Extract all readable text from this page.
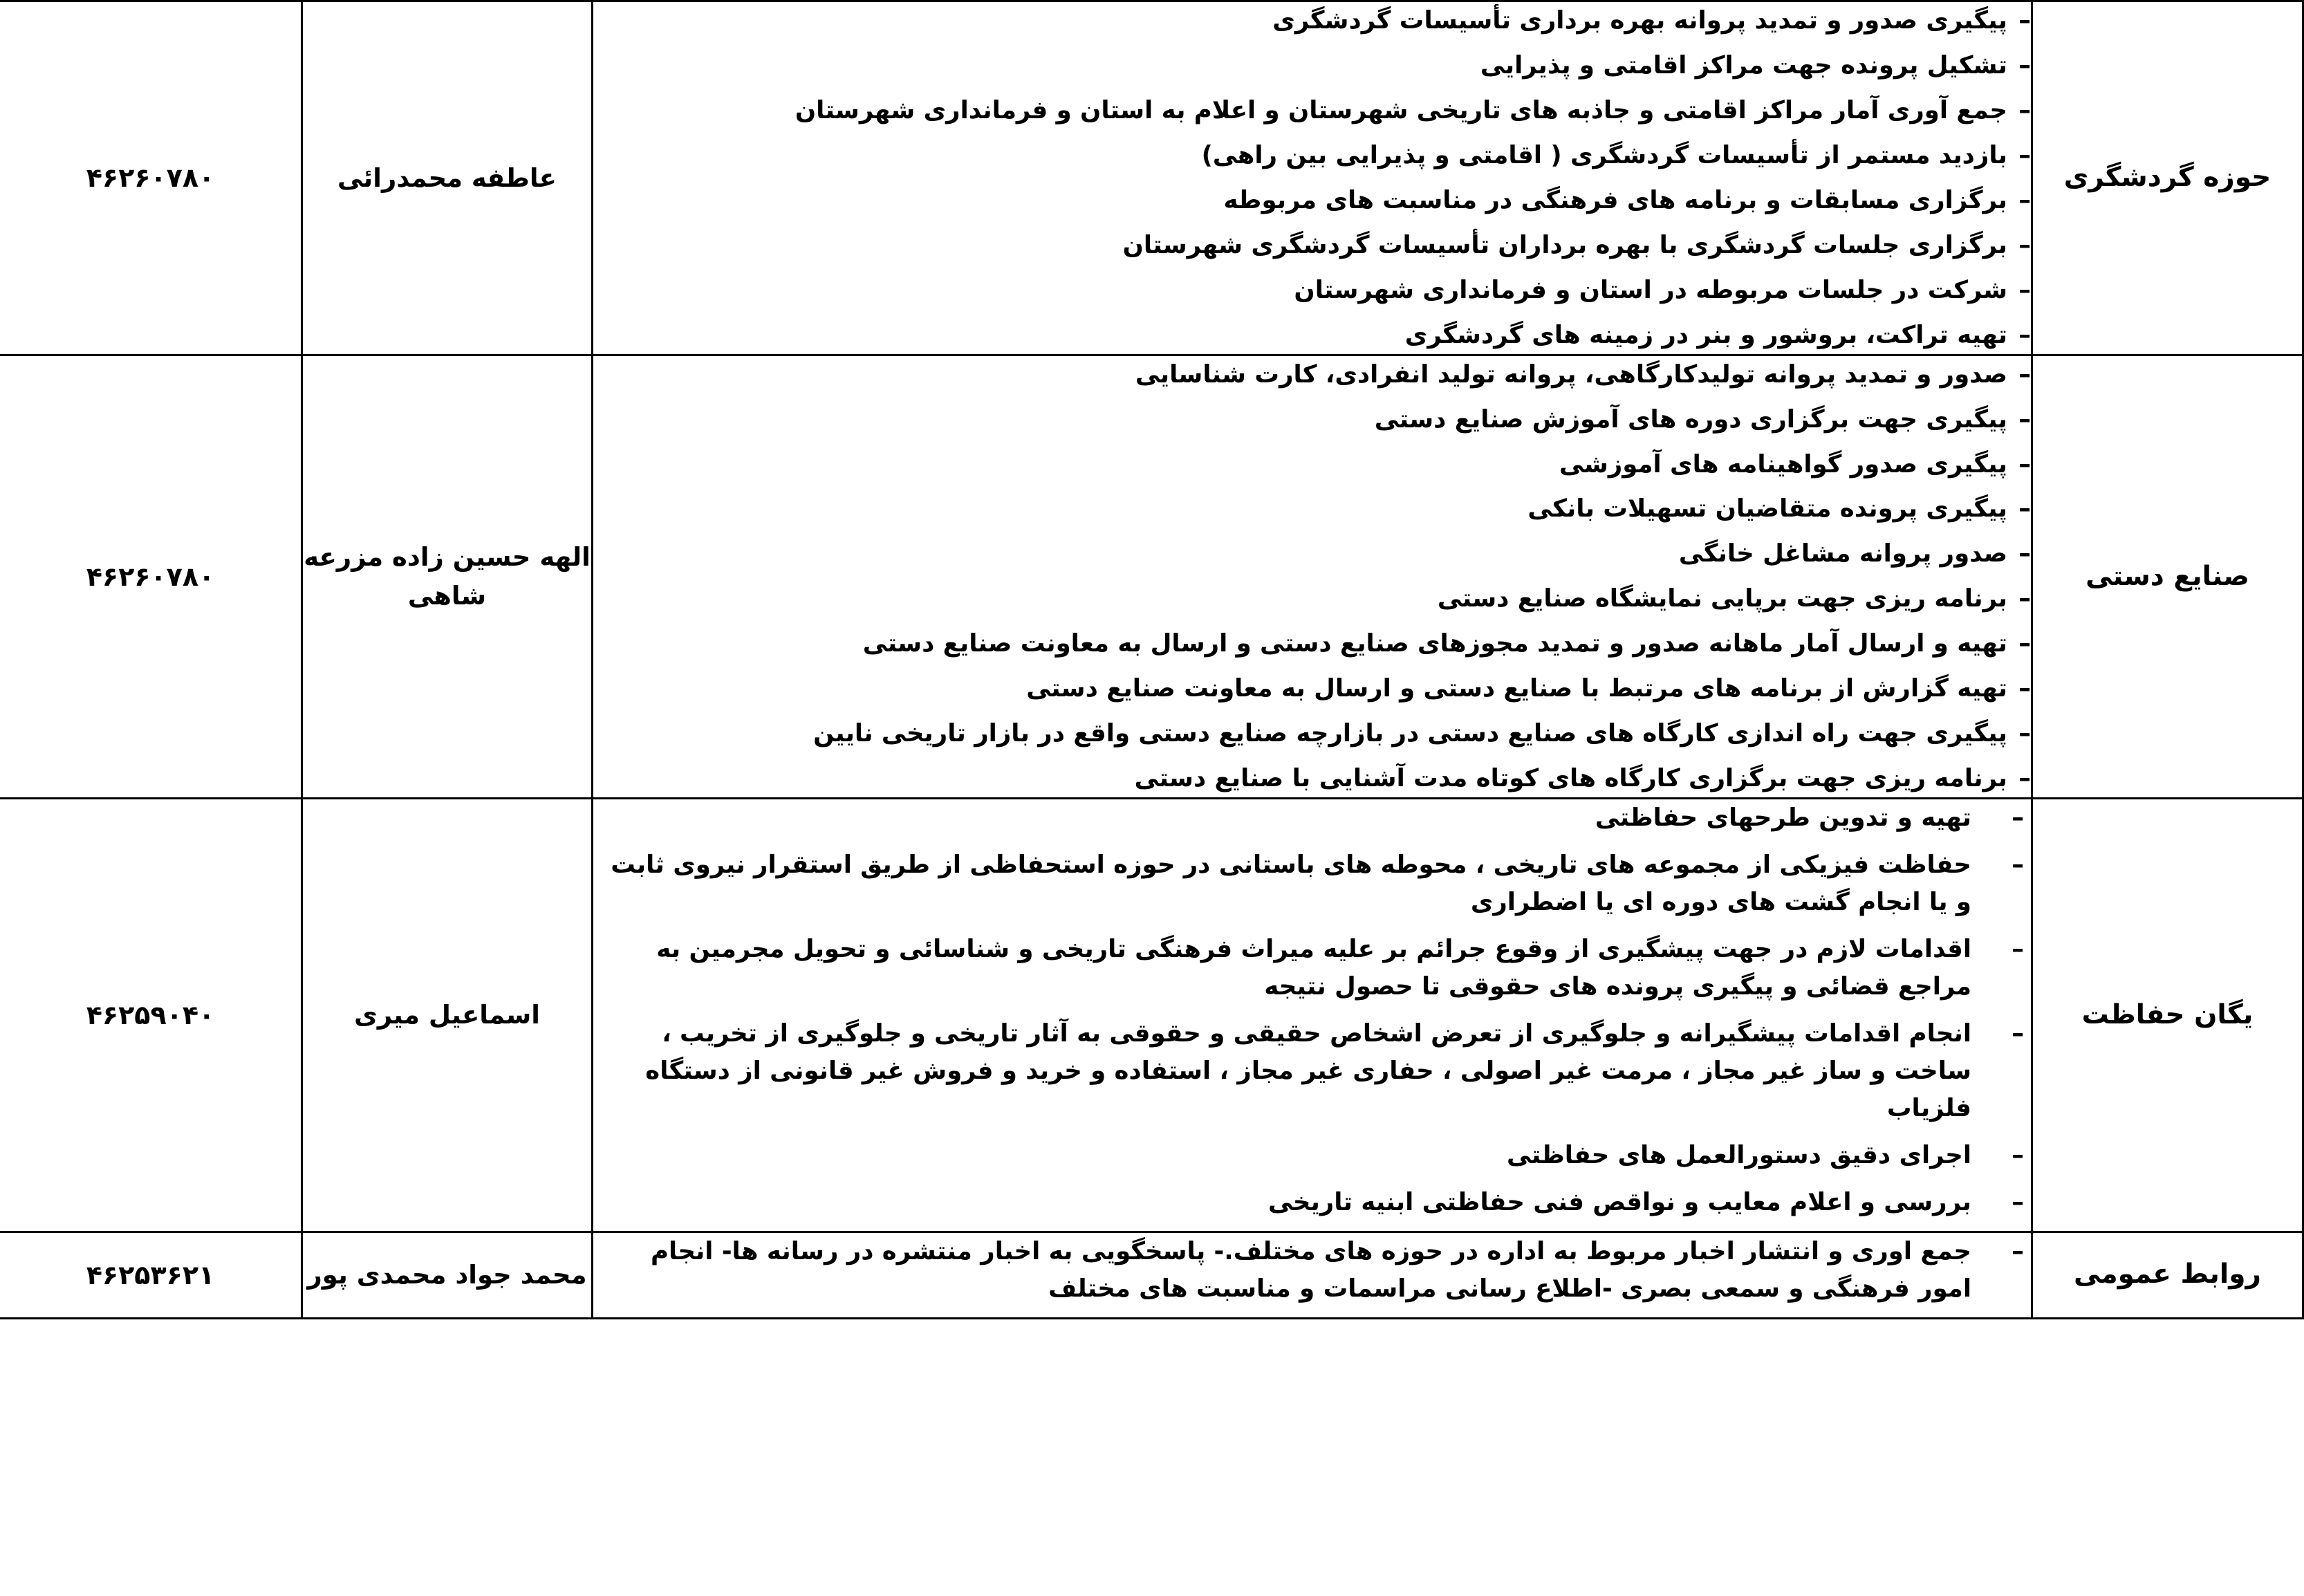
حوزه گردشگری	
– پیگیری صدور و تمدید پروانه بهره برداری تأسیسات گردشگری
– تشکیل پرونده جهت مراکز اقامتی و پذیرایی
– جمع آوری آمار مراکز اقامتی و جاذبه های تاریخی شهرستان و اعلام به استان و فرمانداری شهرستان
– بازدید مستمر از تأسیسات گردشگری ( اقامتی و پذیرایی بین راهی)
– برگزاری مسابقات و برنامه های فرهنگی در مناسبت های مربوطه
– برگزاری جلسات گردشگری با بهره برداران تأسیسات گردشگری شهرستان
– شرکت در جلسات مربوطه در استان و فرمانداری شهرستان
– تهیه تراکت، بروشور و بنر در زمینه های گردشگری
	عاطفه محمدرائی	۴۶۲۶۰۷۸۰
صنایع دستی	
– صدور و تمدید پروانه تولیدکارگاهی، پروانه تولید انفرادی، کارت شناسایی
– پیگیری جهت برگزاری دوره های آموزش صنایع دستی
– پیگیری صدور گواهینامه های آموزشی
– پیگیری پرونده متقاضیان تسهیلات بانکی
– صدور پروانه مشاغل خانگی
– برنامه ریزی جهت برپایی نمایشگاه صنایع دستی
– تهیه و ارسال آمار ماهانه صدور و تمدید مجوزهای صنایع دستی و ارسال به معاونت صنایع دستی
– تهیه گزارش از برنامه های مرتبط با صنایع دستی و ارسال به معاونت صنایع دستی
– پیگیری جهت راه اندازی کارگاه های صنایع دستی در بازارچه صنایع دستی واقع در بازار تاریخی نایین
– برنامه ریزی جهت برگزاری کارگاه های کوتاه مدت آشنایی با صنایع دستی
	الهه حسین زاده مزرعه شاهی	۴۶۲۶۰۷۸۰
یگان حفاظت	
– تهیه و تدوین طرحهای حفاظتی
– حفاظت فیزیکی از مجموعه های تاریخی ، محوطه های باستانی در حوزه استحفاظی از طریق استقرار نیروی ثابت و یا انجام گشت های دوره ای یا اضطراری
– اقدامات لازم در جهت پیشگیری از وقوع جرائم بر علیه میراث فرهنگی تاریخی و شناسائی و تحویل مجرمین به مراجع قضائی و پیگیری پرونده های حقوقی تا حصول نتیجه
– انجام اقدامات پیشگیرانه و جلوگیری از تعرض اشخاص حقیقی و حقوقی به آثار تاریخی و جلوگیری از تخریب ، ساخت و ساز غیر مجاز ، مرمت غیر اصولی ، حفاری غیر مجاز ، استفاده و خرید و فروش غیر قانونی از دستگاه فلزیاب
– اجرای دقیق دستورالعمل های حفاظتی
– بررسی و اعلام معایب و نواقص فنی حفاظتی ابنیه تاریخی
	اسماعیل میری	۴۶۲۵۹۰۴۰
روابط عمومی	
– جمع اوری و انتشار اخبار مربوط به اداره در حوزه های مختلف.- پاسخگویی به اخبار منتشره در رسانه ها- انجام امور فرهنگی و سمعی بصری -اطلاع رسانی مراسمات و مناسبت های مختلف
	محمد جواد محمدی پور	۴۶۲۵۳۶۲۱
